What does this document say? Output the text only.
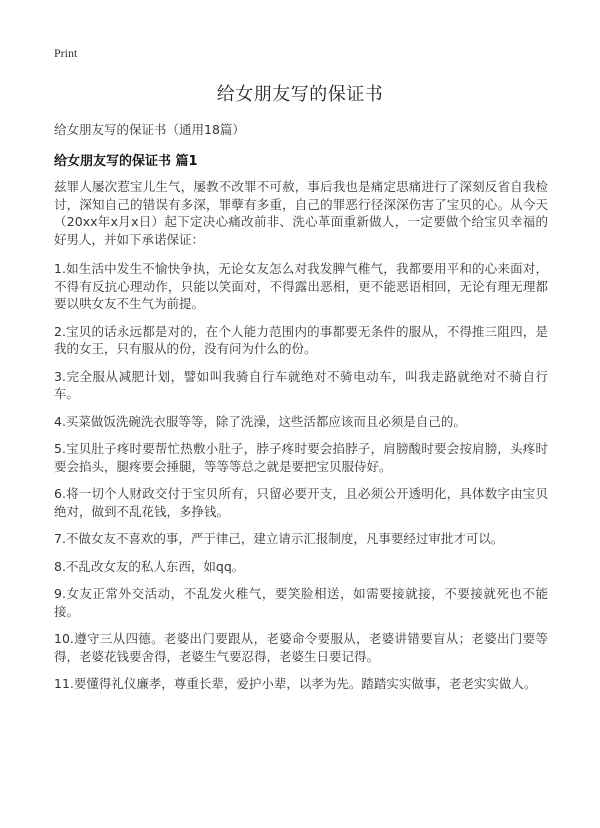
Print
给女朋友写的保证书
给女朋友写的保证书（通用18篇）
给女朋友写的保证书 篇1

兹罪人屡次惹宝儿生气，屡教不改罪不可赦，事后我也是痛定思痛进行了深刻反省自我检讨，深知自己的错误有多深，罪孽有多重，自己的罪恶行径深深伤害了宝贝的心。从今天（20xx年x月x日）起下定决心痛改前非、洗心革面重新做人，一定要做个给宝贝幸福的好男人，并如下承诺保证：

1.如生活中发生不愉快争执，无论女友怎么对我发脾气稚气，我都要用平和的心来面对，不得有反抗心理动作，只能以笑面对，不得露出恶相，更不能恶语相回，无论有理无理都要以哄女友不生气为前提。

2.宝贝的话永远都是对的，在个人能力范围内的事都要无条件的服从，不得推三阻四，是我的女王，只有服从的份，没有问为什么的份。

3.完全服从减肥计划，譬如叫我骑自行车就绝对不骑电动车，叫我走路就绝对不骑自行车。

4.买菜做饭洗碗洗衣服等等，除了洗澡，这些活都应该而且必须是自己的。

5.宝贝肚子疼时要帮忙热敷小肚子，脖子疼时要会掐脖子，肩膀酸时要会按肩膀，头疼时要会掐头，腿疼要会捶腿，等等等总之就是要把宝贝服侍好。

6.将一切个人财政交付于宝贝所有，只留必要开支，且必须公开透明化，具体数字由宝贝绝对，做到不乱花钱，多挣钱。

7.不做女友不喜欢的事，严于律己，建立请示汇报制度，凡事要经过审批才可以。

8.不乱改女友的私人东西，如qq。

9.女友正常外交活动，不乱发火稚气，要笑脸相送，如需要接就接，不要接就死也不能接。

10.遵守三从四德。老婆出门要跟从，老婆命令要服从，老婆讲错要盲从；老婆出门要等得，老婆花钱要舍得，老婆生气要忍得，老婆生日要记得。

11.要懂得礼仪廉孝，尊重长辈，爱护小辈，以孝为先。踏踏实实做事，老老实实做人。
